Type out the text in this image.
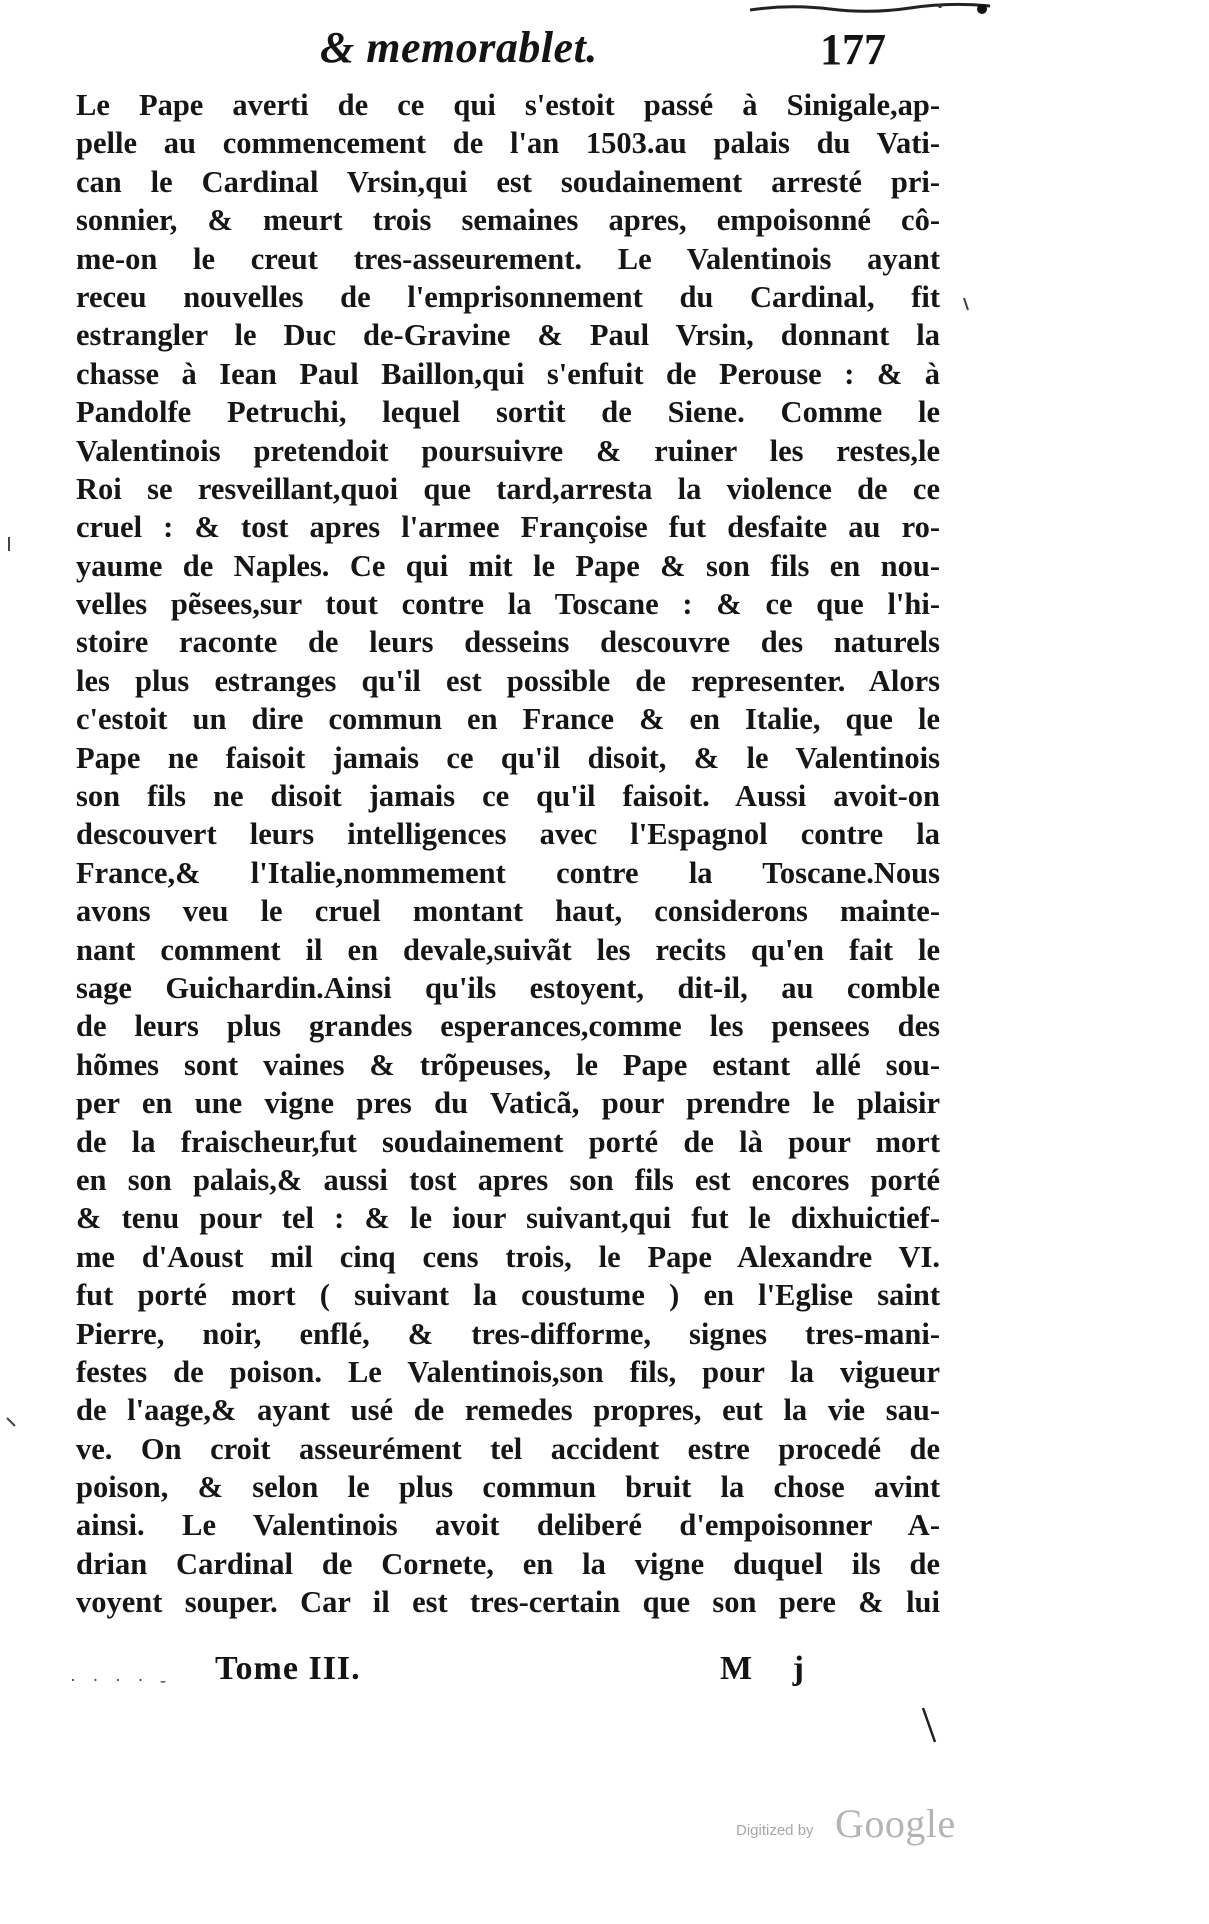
& memorablet.	177
Le Pape averti de ce qui s'estoit passé à Sinigale,ap-
pelle au commencement de l'an 1503.au palais du Vati-
can le Cardinal Vrsin,qui est soudainement arresté pri-
sonnier, & meurt trois semaines apres, empoisonné cô-
me-on le creut tres-asseurement. Le Valentinois ayant
receu nouvelles de l'emprisonnement du Cardinal, fit
estrangler le Duc de-Gravine & Paul Vrsin, donnant la
chasse à Iean Paul Baillon,qui s'enfuit de Perouse : & à
Pandolfe Petruchi, lequel sortit de Siene. Comme le
Valentinois pretendoit poursuivre & ruiner les restes,le
Roi se resveillant,quoi que tard,arresta la violence de ce
cruel : & tost apres l'armee Françoise fut desfaite au ro-
yaume de Naples. Ce qui mit le Pape & son fils en nou-
velles pẽsees,sur tout contre la Toscane : & ce que l'hi-
stoire raconte de leurs desseins descouvre des naturels
les plus estranges qu'il est possible de representer. Alors
c'estoit un dire commun en France & en Italie, que le
Pape ne faisoit jamais ce qu'il disoit, & le Valentinois
son fils ne disoit jamais ce qu'il faisoit. Aussi avoit-on
descouvert leurs intelligences avec l'Espagnol contre la
France,& l'Italie,nommement contre la Toscane.Nous
avons veu le cruel montant haut, considerons mainte-
nant comment il en devale,suivãt les recits qu'en fait le
sage Guichardin.Ainsi qu'ils estoyent, dit-il, au comble
de leurs plus grandes esperances,comme les pensees des
hõmes sont vaines & trõpeuses, le Pape estant allé sou-
per en une vigne pres du Vaticã, pour prendre le plaisir
de la fraischeur,fut soudainement porté de là pour mort
en son palais,& aussi tost apres son fils est encores porté
& tenu pour tel : & le iour suivant,qui fut le dixhuictief-
me d'Aoust mil cinq cens trois, le Pape Alexandre VI.
fut porté mort ( suivant la coustume ) en l'Eglise saint
Pierre, noir, enflé, & tres-difforme, signes tres-mani-
festes de poison. Le Valentinois,son fils, pour la vigueur
de l'aage,& ayant usé de remedes propres, eut la vie sau-
ve. On croit asseurément tel accident estre procedé de
poison, & selon le plus commun bruit la chose avint
ainsi. Le Valentinois avoit deliberé d'empoisonner A-
drian Cardinal de Cornete, en la vigne duquel ils de
voyent souper. Car il est tres-certain que son pere & lui
· · · · - Tome III.	M j
Digitized by Google
